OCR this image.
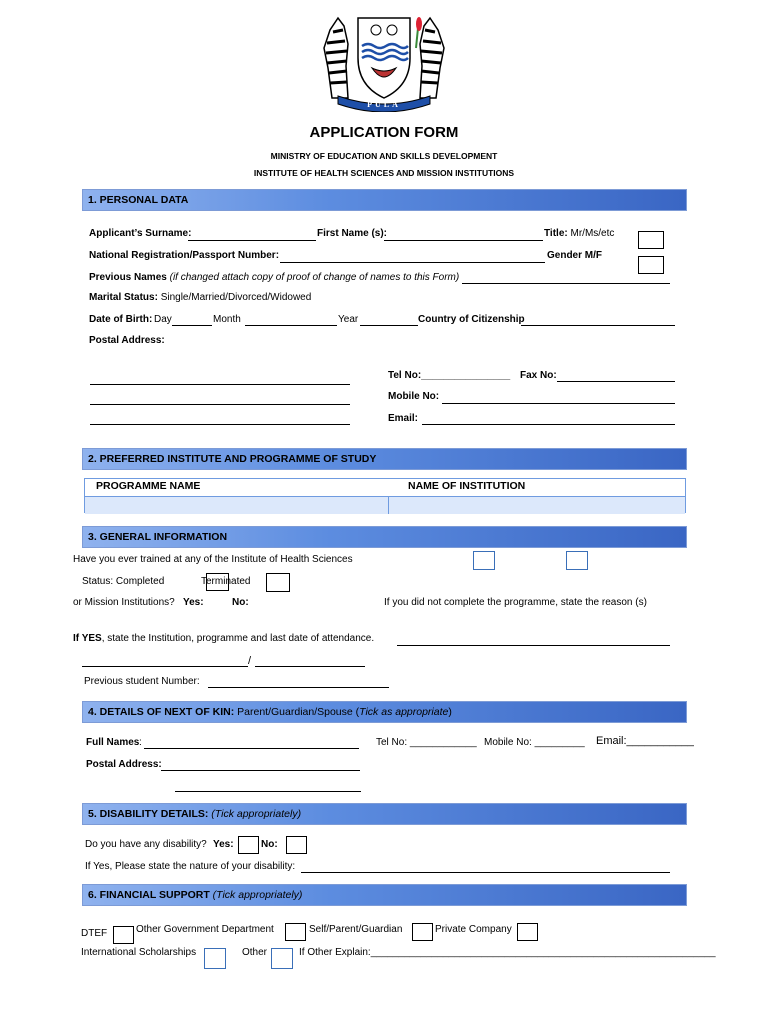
PULA
APPLICATION FORM
MINISTRY OF EDUCATION AND SKILLS DEVELOPMENT
INSTITUTE OF HEALTH SCIENCES AND MISSION INSTITUTIONS
1. PERSONAL DATA
Applicant’s Surname:	First Name (s):	Title: Mr/Ms/etc
National Registration/Passport Number:	Gender M/F
Previous Names (if changed attach copy of proof of change of names to this Form)
Marital Status: Single/Married/Divorced/Widowed
Date of Birth: Day	Month	Year	Country of Citizenship
Postal Address:
Tel No:________________ Fax No:
Mobile No:
Email:
2. PREFERRED INSTITUTE AND PROGRAMME OF STUDY
PROGRAMME NAME	NAME OF INSTITUTION
3. GENERAL INFORMATION
Have you ever trained at any of the Institute of Health Sciences
Status: Completed	Terminated
or Mission Institutions? Yes:	No:	If you did not complete the programme, state the reason (s)
If YES, state the Institution, programme and last date of attendance.
/
Previous student Number:
4. DETAILS OF NEXT OF KIN: Parent/Guardian/Spouse (Tick as appropriate)
Full Names :	Tel No: ____________ Mobile No: _________ Email:___________
Postal Address:
5. DISABILITY DETAILS: (Tick appropriately)
Do you have any disability? Yes:	No:
If Yes, Please state the nature of your disability:
6. FINANCIAL SUPPORT (Tick appropriately)
DTEF	Other Government Department	Self/Parent/Guardian	Private Company
International Scholarships	Other	If Other Explain:______________________________________________________________
